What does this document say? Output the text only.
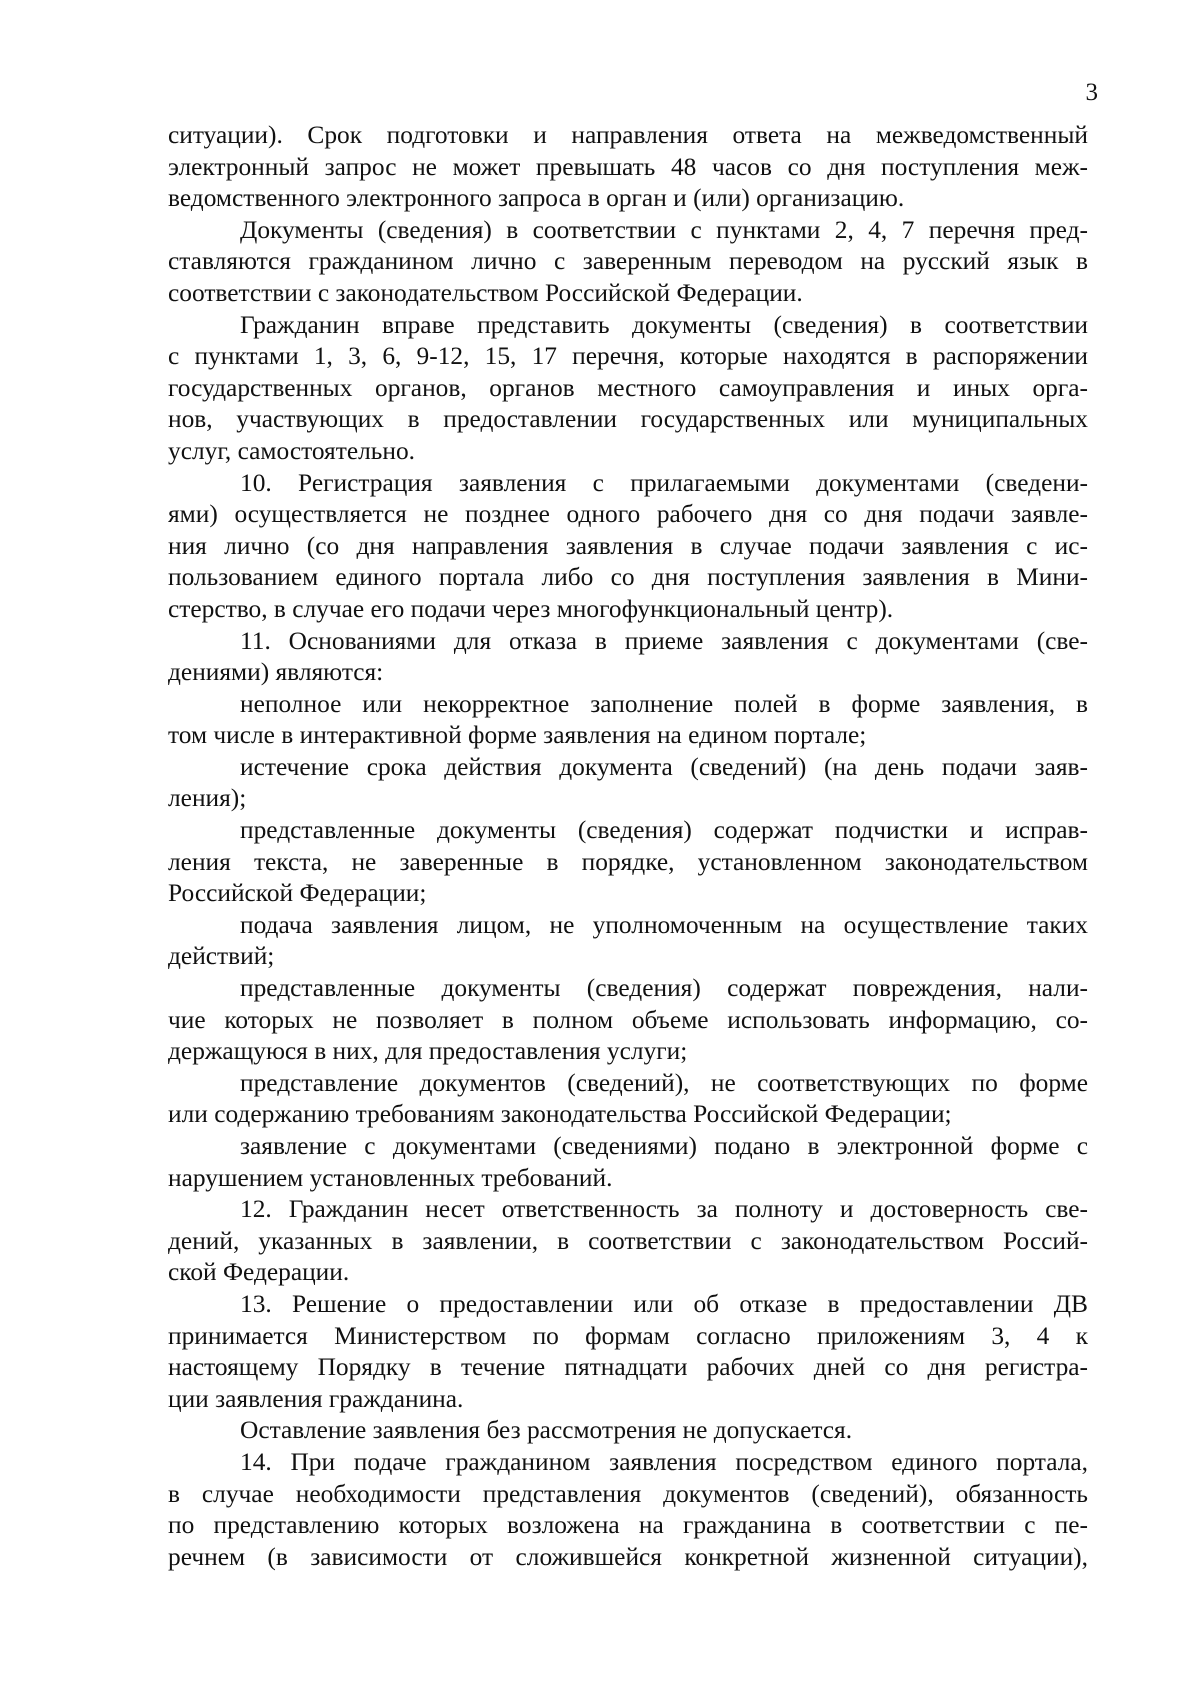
3
ситуации). Срок подготовки и направления ответа на межведомственный
электронный запрос не может превышать 48 часов со дня поступления меж-
ведомственного электронного запроса в орган и (или) организацию.
Документы (сведения) в соответствии с пунктами 2, 4, 7 перечня пред-
ставляются гражданином лично с заверенным переводом на русский язык в
соответствии с законодательством Российской Федерации.
Гражданин вправе представить документы (сведения) в соответствии
с пунктами 1, 3, 6, 9-12, 15, 17 перечня, которые находятся в распоряжении
государственных органов, органов местного самоуправления и иных орга-
нов, участвующих в предоставлении государственных или муниципальных
услуг, самостоятельно.
10. Регистрация заявления с прилагаемыми документами (сведени-
ями) осуществляется не позднее одного рабочего дня со дня подачи заявле-
ния лично (со дня направления заявления в случае подачи заявления с ис-
пользованием единого портала либо со дня поступления заявления в Мини-
стерство, в случае его подачи через многофункциональный центр).
11. Основаниями для отказа в приеме заявления с документами (све-
дениями) являются:
неполное или некорректное заполнение полей в форме заявления, в
том числе в интерактивной форме заявления на едином портале;
истечение срока действия документа (сведений) (на день подачи заяв-
ления);
представленные документы (сведения) содержат подчистки и исправ-
ления текста, не заверенные в порядке, установленном законодательством
Российской Федерации;
подача заявления лицом, не уполномоченным на осуществление таких
действий;
представленные документы (сведения) содержат повреждения, нали-
чие которых не позволяет в полном объеме использовать информацию, со-
держащуюся в них, для предоставления услуги;
представление документов (сведений), не соответствующих по форме
или содержанию требованиям законодательства Российской Федерации;
заявление с документами (сведениями) подано в электронной форме с
нарушением установленных требований.
12. Гражданин несет ответственность за полноту и достоверность све-
дений, указанных в заявлении, в соответствии с законодательством Россий-
ской Федерации.
13. Решение о предоставлении или об отказе в предоставлении ДВ
принимается Министерством по формам согласно приложениям 3, 4 к
настоящему Порядку в течение пятнадцати рабочих дней со дня регистра-
ции заявления гражданина.
Оставление заявления без рассмотрения не допускается.
14. При подаче гражданином заявления посредством единого портала,
в случае необходимости представления документов (сведений), обязанность
по представлению которых возложена на гражданина в соответствии с пе-
речнем (в зависимости от сложившейся конкретной жизненной ситуации),
